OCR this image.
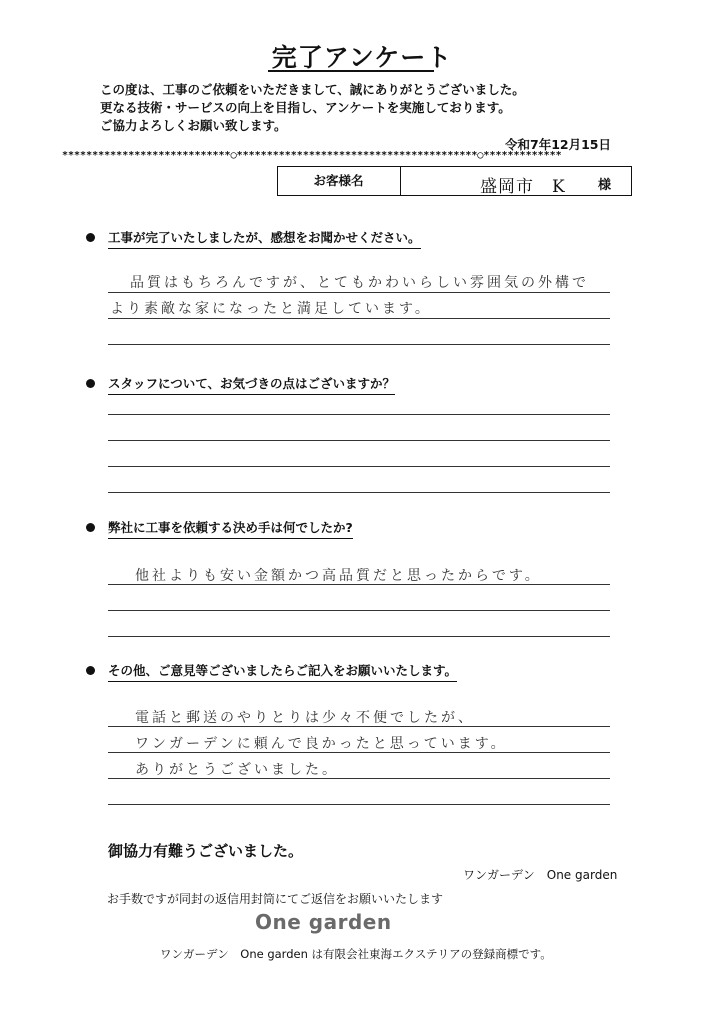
完了アンケート
この度は、工事のご依頼をいただきまして、誠にありがとうございました。
更なる技術・サービスの向上を目指し、アンケートを実施しております。
ご協力よろしくお願い致します。
令和7年12月15日
****************************◯****************************************◯*************
お客様名	盛岡市　K 様
工事が完了いたしましたが、感想をお聞かせください。
品質はもちろんですが、とてもかわいらしい雰囲気の外構で
より素敵な家になったと満足しています。
スタッフについて、お気づきの点はございますか？
弊社に工事を依頼する決め手は何でしたか?
他社よりも安い金額かつ高品質だと思ったからです。
その他、ご意見等ございましたらご記入をお願いいたします。
電話と郵送のやりとりは少々不便でしたが、
ワンガーデンに頼んで良かったと思っています。
ありがとうございました。
御協力有難うございました。
ワンガーデン　One garden
お手数ですが同封の返信用封筒にてご返信をお願いいたします
One garden
ワンガーデン　One garden は有限会社東海エクステリアの登録商標です。
